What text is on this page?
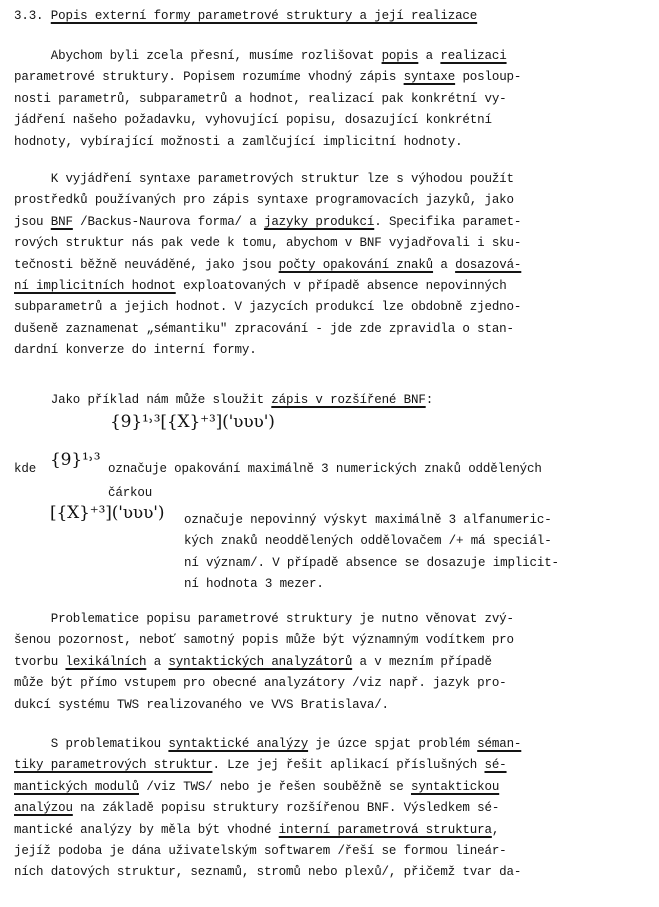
3.3. Popis externí formy parametrové struktury a její realizace
Abychom byli zcela přesní, musíme rozlišovat popis a realizaci
parametrové struktury. Popisem rozumíme vhodný zápis syntaxe posloup-
nosti parametrů, subparametrů a hodnot, realizací pak konkrétní vy-
jádření našeho požadavku, vyhovující popisu, dosazující konkrétní
hodnoty, vybírající možnosti a zamlčující implicitní hodnoty.
K vyjádření syntaxe parametrových struktur lze s výhodou použít
prostředků používaných pro zápis syntaxe programovacích jazyků, jako
jsou BNF /Backus-Naurova forma/ a jazyky produkcí. Specifika paramet-
rových struktur nás pak vede k tomu, abychom v BNF vyjadřovali i sku-
tečnosti běžně neuváděné, jako jsou počty opakování znaků a dosazová-
ní implicitních hodnot exploatovaných v případě absence nepovinných
subparametrů a jejich hodnot. V jazycích produkcí lze obdobně zjedno-
dušeně zaznamenat „sémantiku" zpracování - jde zde zpravidla o stan-
dardní konverze do interní formy.
Jako příklad nám může sloužit zápis v rozšířené BNF:
{9}¹˒³[{X}⁺³]('ʋʋʋ')
kde {9}¹˒³ označuje opakování maximálně 3 numerických znaků oddělených
čárkou
[{X}⁺³]('ʋʋʋ') označuje nepovinný výskyt maximálně 3 alfanumeric-
kých znaků neoddělených oddělovačem /+ má speciál-
ní význam/. V případě absence se dosazuje implicit-
ní hodnota 3 mezer.
Problematice popisu parametrové struktury je nutno věnovat zvý-
šenou pozornost, neboť samotný popis může být významným vodítkem pro
tvorbu lexikálních a syntaktických analyzátorů a v mezním případě
může být přímo vstupem pro obecné analyzátory /viz např. jazyk pro-
dukcí systému TWS realizovaného ve VVS Bratislava/.
S problematikou syntaktické analýzy je úzce spjat problém séman-
tiky parametrových struktur. Lze jej řešit aplikací příslušných sé-
mantických modulů /viz TWS/ nebo je řešen souběžně se syntaktickou
analýzou na základě popisu struktury rozšířenou BNF. Výsledkem sé-
mantické analýzy by měla být vhodné interní parametrová struktura,
jejíž podoba je dána uživatelským softwarem /řeší se formou lineár-
ních datových struktur, seznamů, stromů nebo plexů/, přičemž tvar da-
